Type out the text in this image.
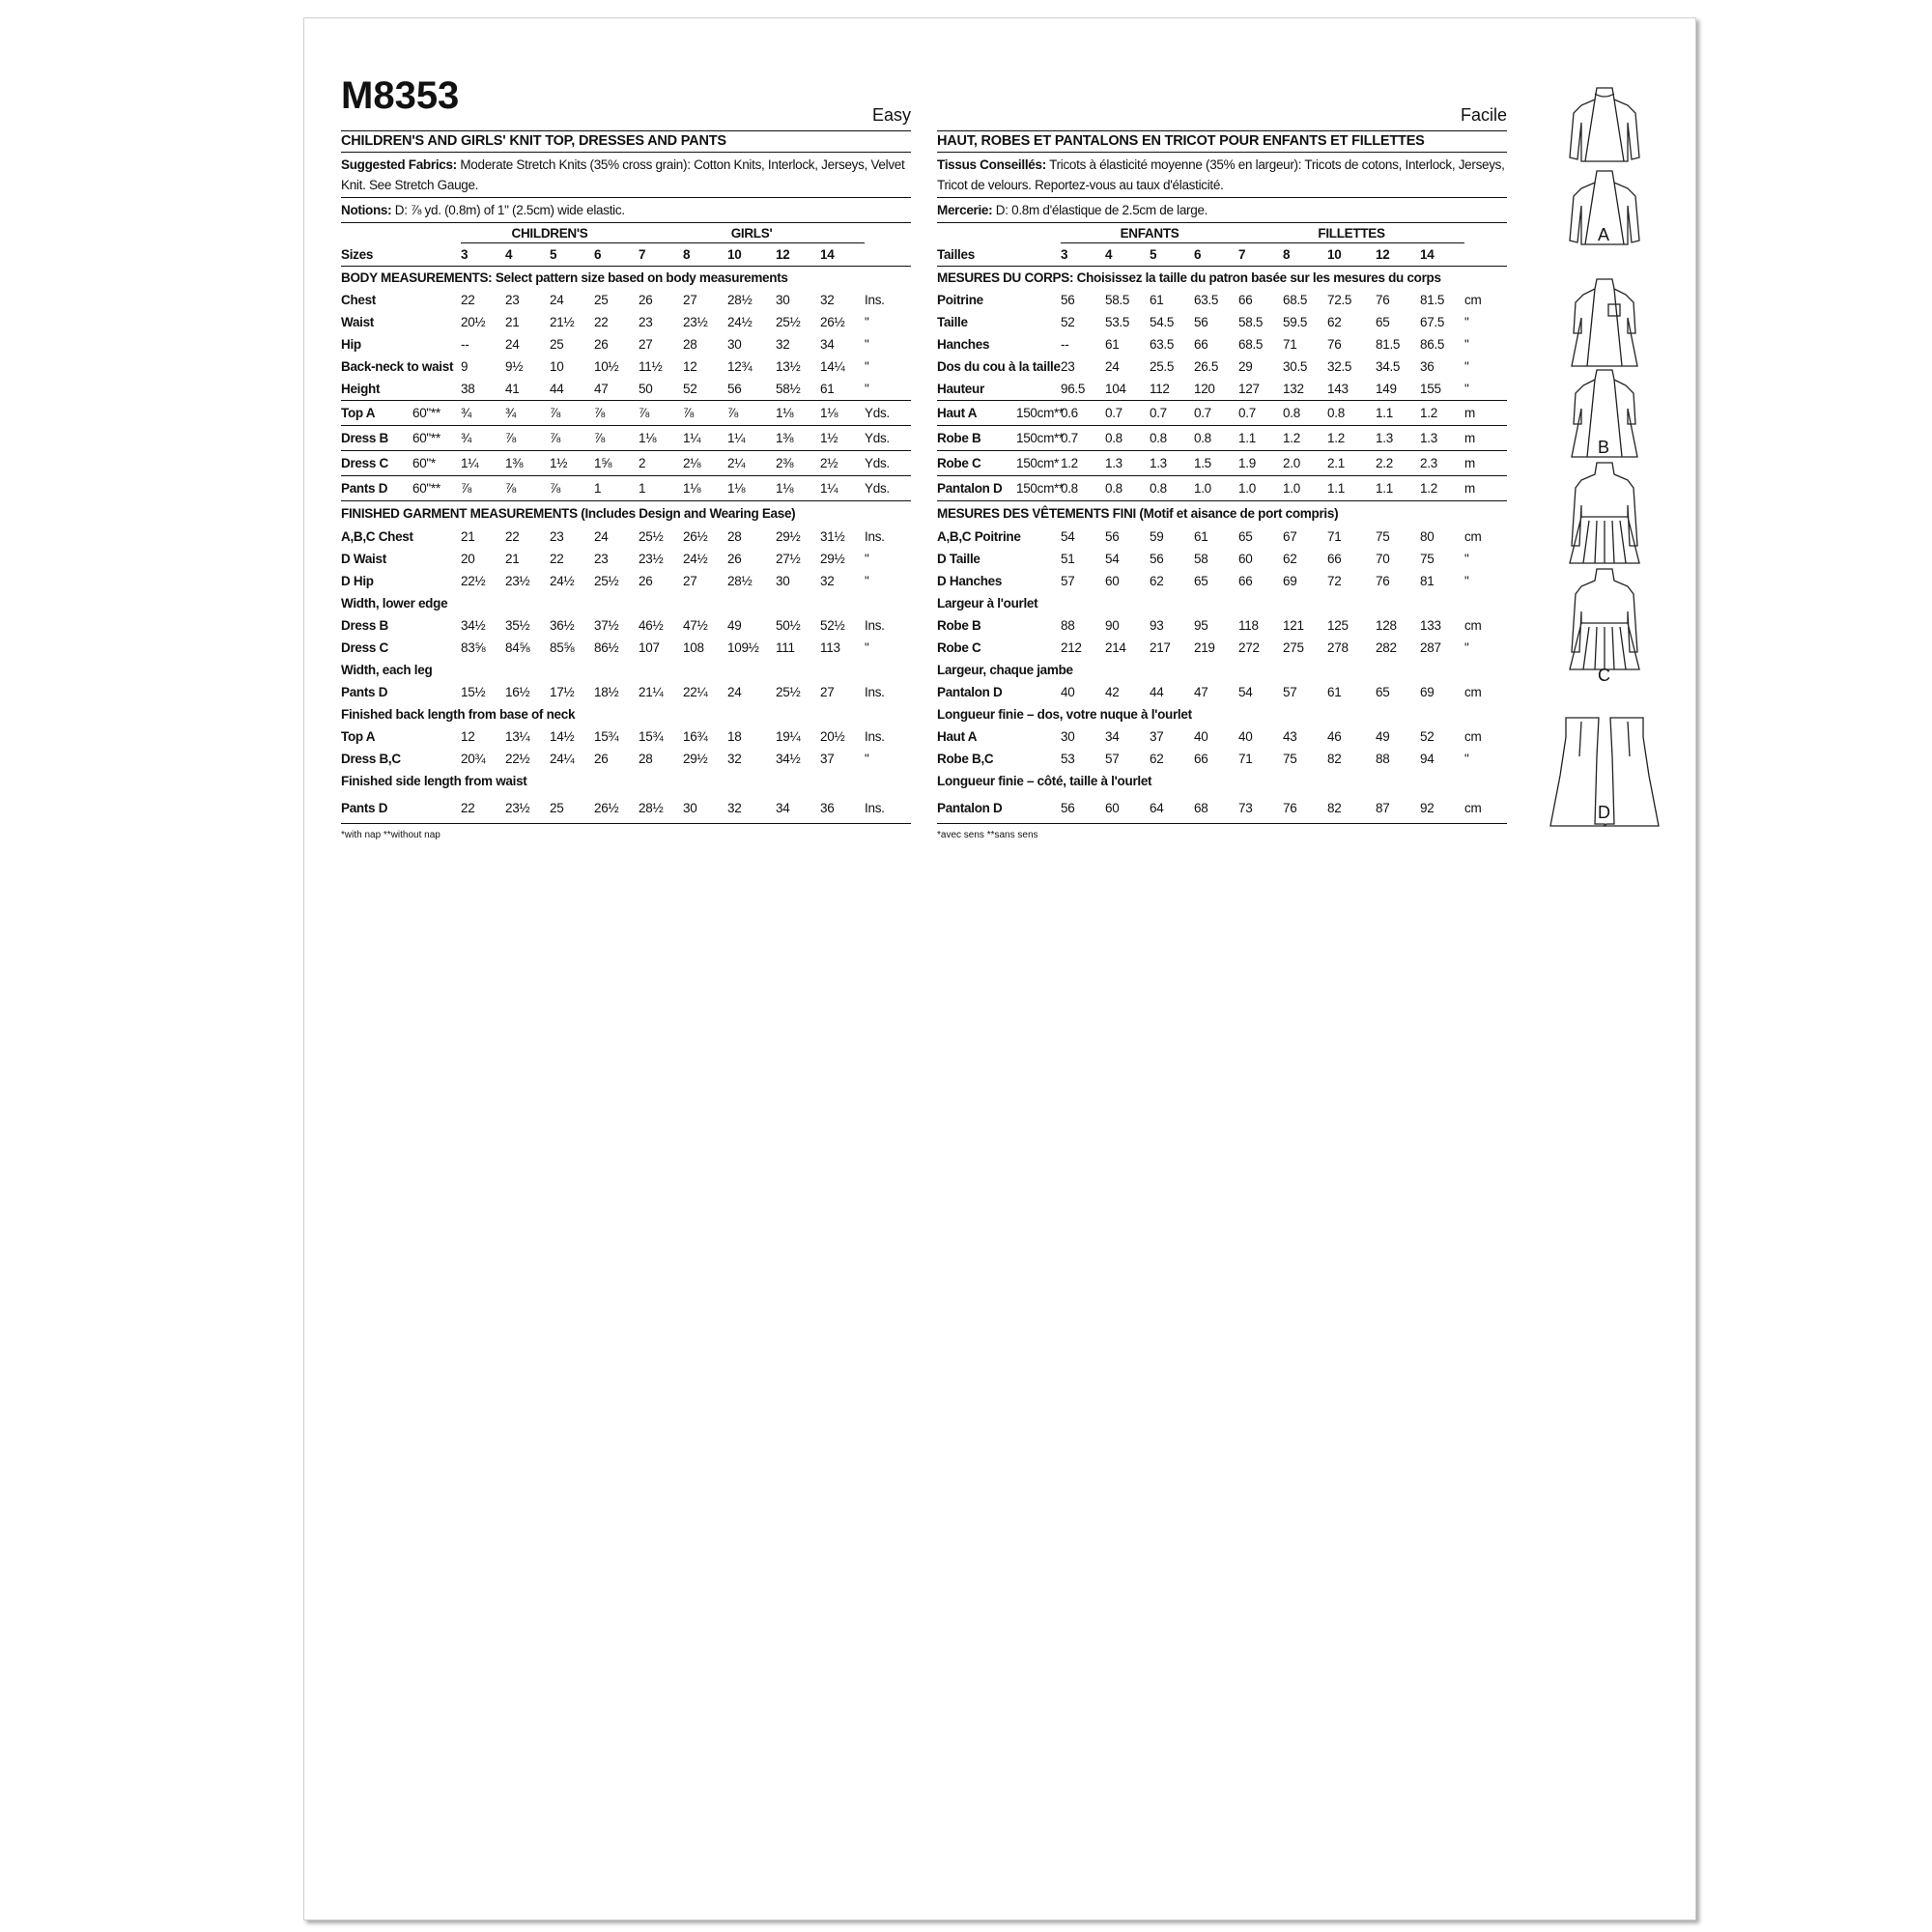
M8353	Easy
CHILDREN'S AND GIRLS' KNIT TOP, DRESSES AND PANTS
Suggested Fabrics: Moderate Stretch Knits (35% cross grain): Cotton Knits, Interlock, Jerseys, Velvet Knit. See Stretch Gauge.
Notions: D: ⅞ yd. (0.8m) of 1" (2.5cm) wide elastic.
		CHILDREN'S				GIRLS'					
Sizes		3	4	5	6	7	8	10	12	14	
BODY MEASUREMENTS: Select pattern size based on body measurements											
Chest		22	23	24	25	26	27	28½	30	32	Ins.
Waist		20½	21	21½	22	23	23½	24½	25½	26½	"
Hip		--	24	25	26	27	28	30	32	34	"
Back-neck to waist		9	9½	10	10½	11½	12	12¾	13½	14¼	"
Height		38	41	44	47	50	52	56	58½	61	"
Top A	60"**	¾	¾	⅞	⅞	⅞	⅞	⅞	1⅛	1⅛	Yds.
Dress B	60"**	¾	⅞	⅞	⅞	1⅛	1¼	1¼	1⅜	1½	Yds.
Dress C	60"*	1¼	1⅜	1½	1⅝	2	2⅛	2¼	2⅜	2½	Yds.
Pants D	60"**	⅞	⅞	⅞	1	1	1⅛	1⅛	1⅛	1¼	Yds.
FINISHED GARMENT MEASUREMENTS (Includes Design and Wearing Ease)											
A,B,C Chest		21	22	23	24	25½	26½	28	29½	31½	Ins.
D Waist		20	21	22	23	23½	24½	26	27½	29½	"
D Hip		22½	23½	24½	25½	26	27	28½	30	32	"
Width, lower edge											
Dress B		34½	35½	36½	37½	46½	47½	49	50½	52½	Ins.
Dress C		83⅝	84⅝	85⅝	86½	107	108	109½	111	113	"
Width, each leg											
Pants D		15½	16½	17½	18½	21¼	22¼	24	25½	27	Ins.
Finished back length from base of neck											
Top A		12	13¼	14½	15¾	15¾	16¾	18	19¼	20½	Ins.
Dress B,C		20¾	22½	24¼	26	28	29½	32	34½	37	"
Finished side length from waist											
Pants D		22	23½	25	26½	28½	30	32	34	36	Ins.
*with nap **without nap
Facile
HAUT, ROBES ET PANTALONS EN TRICOT POUR ENFANTS ET FILLETTES
Tissus Conseillés: Tricots à élasticité moyenne (35% en largeur): Tricots de cotons, Interlock, Jerseys, Tricot de velours. Reportez-vous au taux d'élasticité.
Mercerie: D: 0.8m d'élastique de 2.5cm de large.
		ENFANTS				FILLETTES					
Tailles		3	4	5	6	7	8	10	12	14	
MESURES DU CORPS: Choisissez la taille du patron basée sur les mesures du corps											
Poitrine		56	58.5	61	63.5	66	68.5	72.5	76	81.5	cm
Taille		52	53.5	54.5	56	58.5	59.5	62	65	67.5	"
Hanches		--	61	63.5	66	68.5	71	76	81.5	86.5	"
Dos du cou à la taille		23	24	25.5	26.5	29	30.5	32.5	34.5	36	"
Hauteur		96.5	104	112	120	127	132	143	149	155	"
Haut A	150cm**	0.6	0.7	0.7	0.7	0.7	0.8	0.8	1.1	1.2	m
Robe B	150cm**	0.7	0.8	0.8	0.8	1.1	1.2	1.2	1.3	1.3	m
Robe C	150cm*	1.2	1.3	1.3	1.5	1.9	2.0	2.1	2.2	2.3	m
Pantalon D	150cm**	0.8	0.8	0.8	1.0	1.0	1.0	1.1	1.1	1.2	m
MESURES DES VÊTEMENTS FINI (Motif et aisance de port compris)											
A,B,C Poitrine		54	56	59	61	65	67	71	75	80	cm
D Taille		51	54	56	58	60	62	66	70	75	"
D Hanches		57	60	62	65	66	69	72	76	81	"
Largeur à l'ourlet											
Robe B		88	90	93	95	118	121	125	128	133	cm
Robe C		212	214	217	219	272	275	278	282	287	"
Largeur, chaque jambe											
Pantalon D		40	42	44	47	54	57	61	65	69	cm
Longueur finie – dos, votre nuque à l'ourlet											
Haut A		30	34	37	40	40	43	46	49	52	cm
Robe B,C		53	57	62	66	71	75	82	88	94	"
Longueur finie – côté, taille à l'ourlet											
Pantalon D		56	60	64	68	73	76	82	87	92	cm
*avec sens **sans sens
A
B
C
D
